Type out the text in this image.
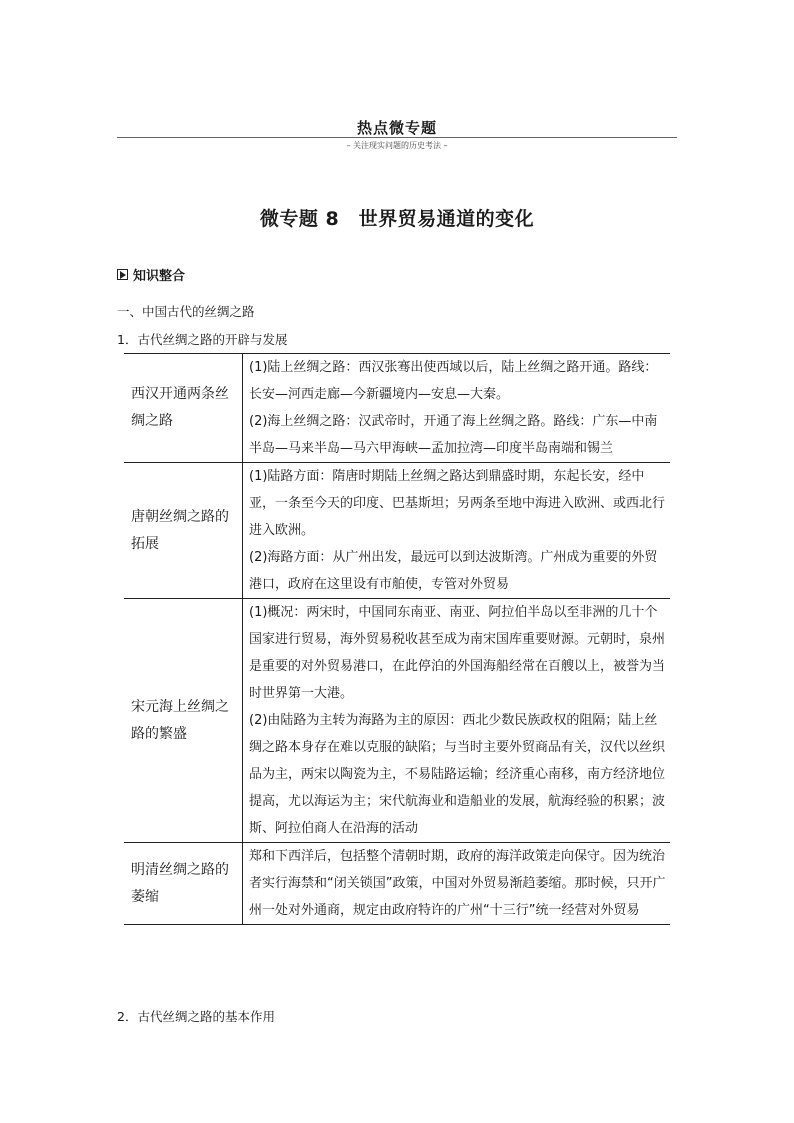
热点微专题
– 关注现实问题的历史考法 –
微专题 8　世界贸易通道的变化
知识整合
一、中国古代的丝绸之路
1．古代丝绸之路的开辟与发展
西汉开通两条丝绸之路	(1)陆上丝绸之路：西汉张骞出使西域以后，陆上丝绸之路开通。路线：长安—河西走廊—今新疆境内—安息—大秦。
(2)海上丝绸之路：汉武帝时，开通了海上丝绸之路。路线：广东—中南半岛—马来半岛—马六甲海峡—孟加拉湾—印度半岛南端和锡兰

唐朝丝绸之路的拓展	(1)陆路方面：隋唐时期陆上丝绸之路达到鼎盛时期，东起长安，经中亚，一条至今天的印度、巴基斯坦；另两条至地中海进入欧洲、或西北行进入欧洲。
(2)海路方面：从广州出发，最远可以到达波斯湾。广州成为重要的外贸港口，政府在这里设有市舶使，专管对外贸易

宋元海上丝绸之路的繁盛	(1)概况：两宋时，中国同东南亚、南亚、阿拉伯半岛以至非洲的几十个国家进行贸易，海外贸易税收甚至成为南宋国库重要财源。元朝时，泉州是重要的对外贸易港口，在此停泊的外国海船经常在百艘以上，被誉为当时世界第一大港。
(2)由陆路为主转为海路为主的原因：西北少数民族政权的阻隔；陆上丝绸之路本身存在难以克服的缺陷；与当时主要外贸商品有关，汉代以丝织品为主，两宋以陶瓷为主，不易陆路运输；经济重心南移，南方经济地位提高，尤以海运为主；宋代航海业和造船业的发展，航海经验的积累；波斯、阿拉伯商人在沿海的活动

明清丝绸之路的萎缩	郑和下西洋后，包括整个清朝时期，政府的海洋政策走向保守。因为统治者实行海禁和“闭关锁国”政策，中国对外贸易渐趋萎缩。那时候，只开广州一处对外通商，规定由政府特许的广州“十三行”统一经营对外贸易
2．古代丝绸之路的基本作用
